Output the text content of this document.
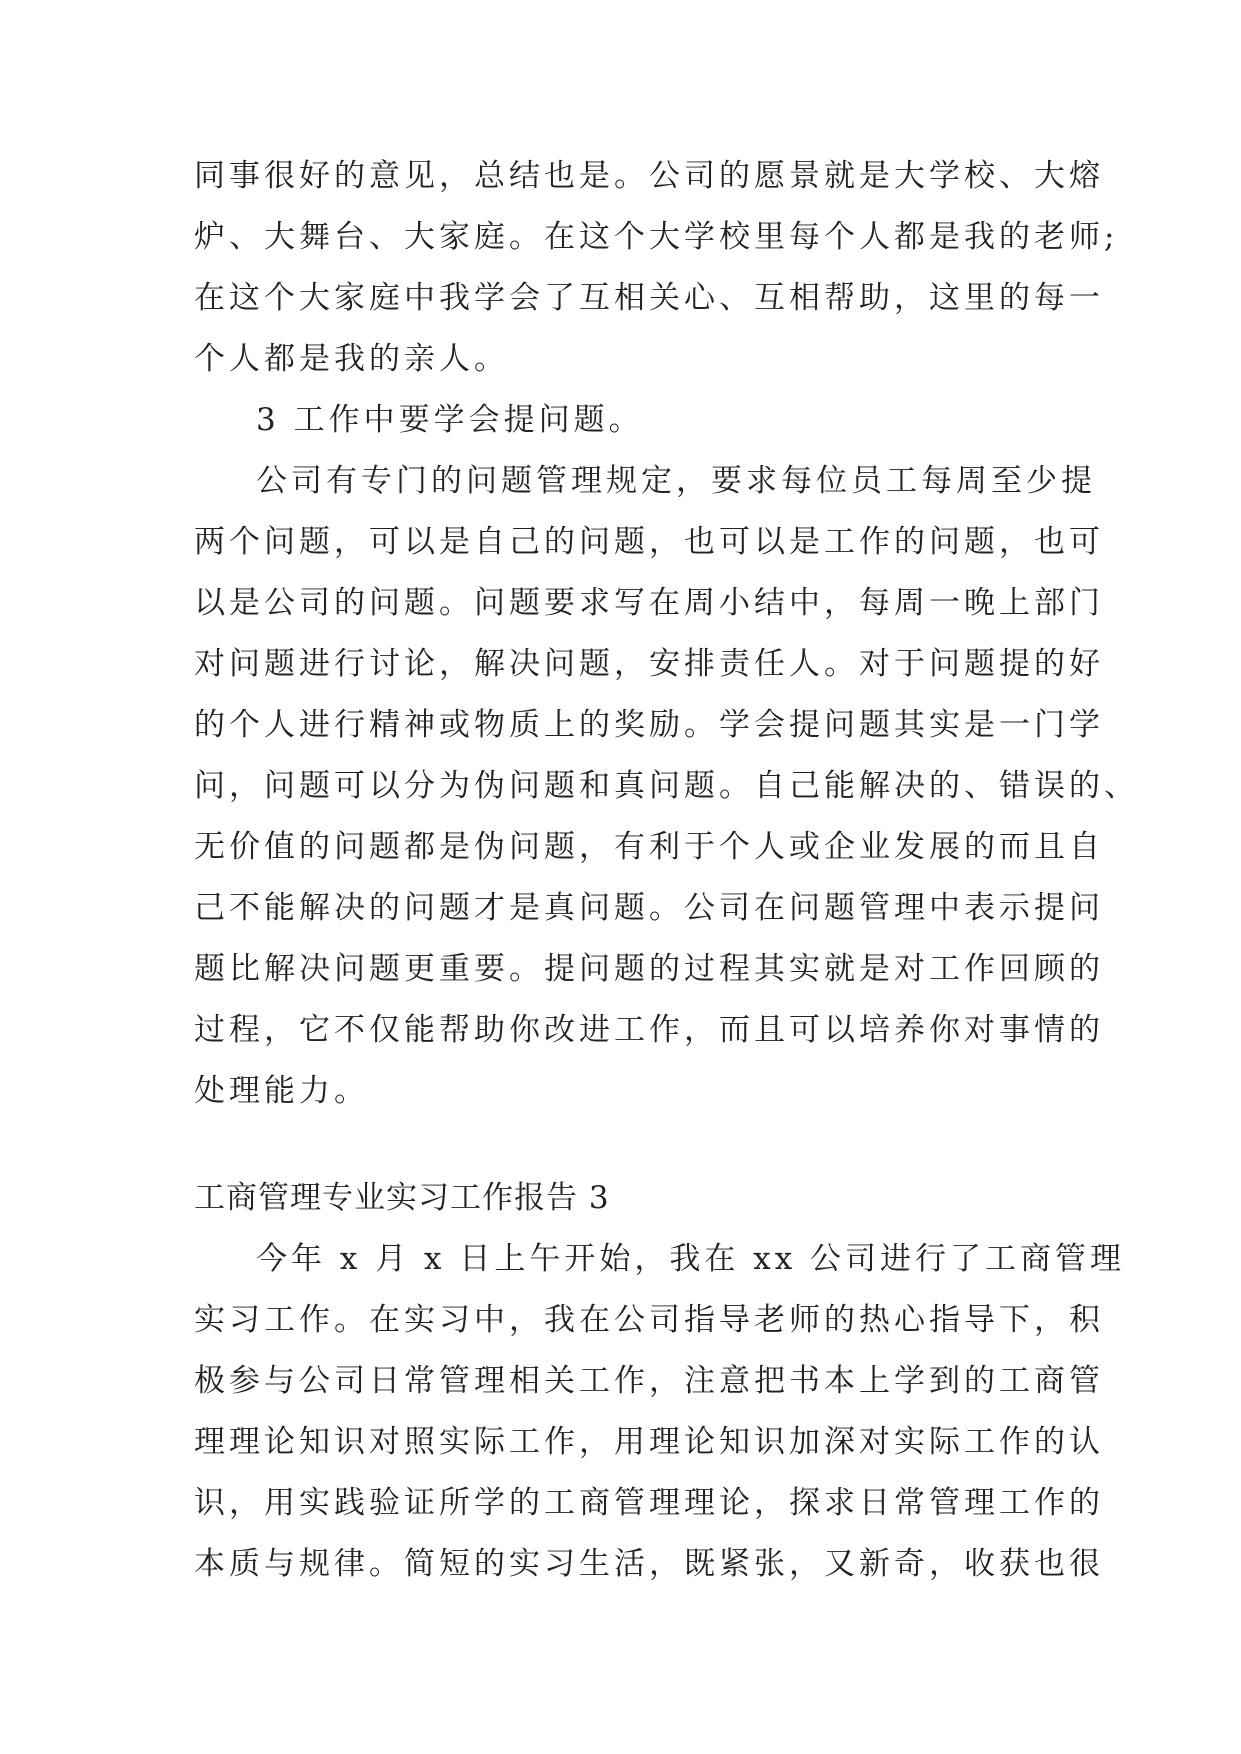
同事很好的意见，总结也是。公司的愿景就是大学校、大熔
炉、大舞台、大家庭。在这个大学校里每个人都是我的老师;
在这个大家庭中我学会了互相关心、互相帮助，这里的每一
个人都是我的亲人。
3 工作中要学会提问题。
公司有专门的问题管理规定，要求每位员工每周至少提
两个问题，可以是自己的问题，也可以是工作的问题，也可
以是公司的问题。问题要求写在周小结中，每周一晚上部门
对问题进行讨论，解决问题，安排责任人。对于问题提的好
的个人进行精神或物质上的奖励。学会提问题其实是一门学
问，问题可以分为伪问题和真问题。自己能解决的、错误的、
无价值的问题都是伪问题，有利于个人或企业发展的而且自
己不能解决的问题才是真问题。公司在问题管理中表示提问
题比解决问题更重要。提问题的过程其实就是对工作回顾的
过程，它不仅能帮助你改进工作，而且可以培养你对事情的
处理能力。
工商管理专业实习工作报告 3
今年 x 月 x 日上午开始，我在 xx 公司进行了工商管理
实习工作。在实习中，我在公司指导老师的热心指导下，积
极参与公司日常管理相关工作，注意把书本上学到的工商管
理理论知识对照实际工作，用理论知识加深对实际工作的认
识，用实践验证所学的工商管理理论，探求日常管理工作的
本质与规律。简短的实习生活，既紧张，又新奇，收获也很
